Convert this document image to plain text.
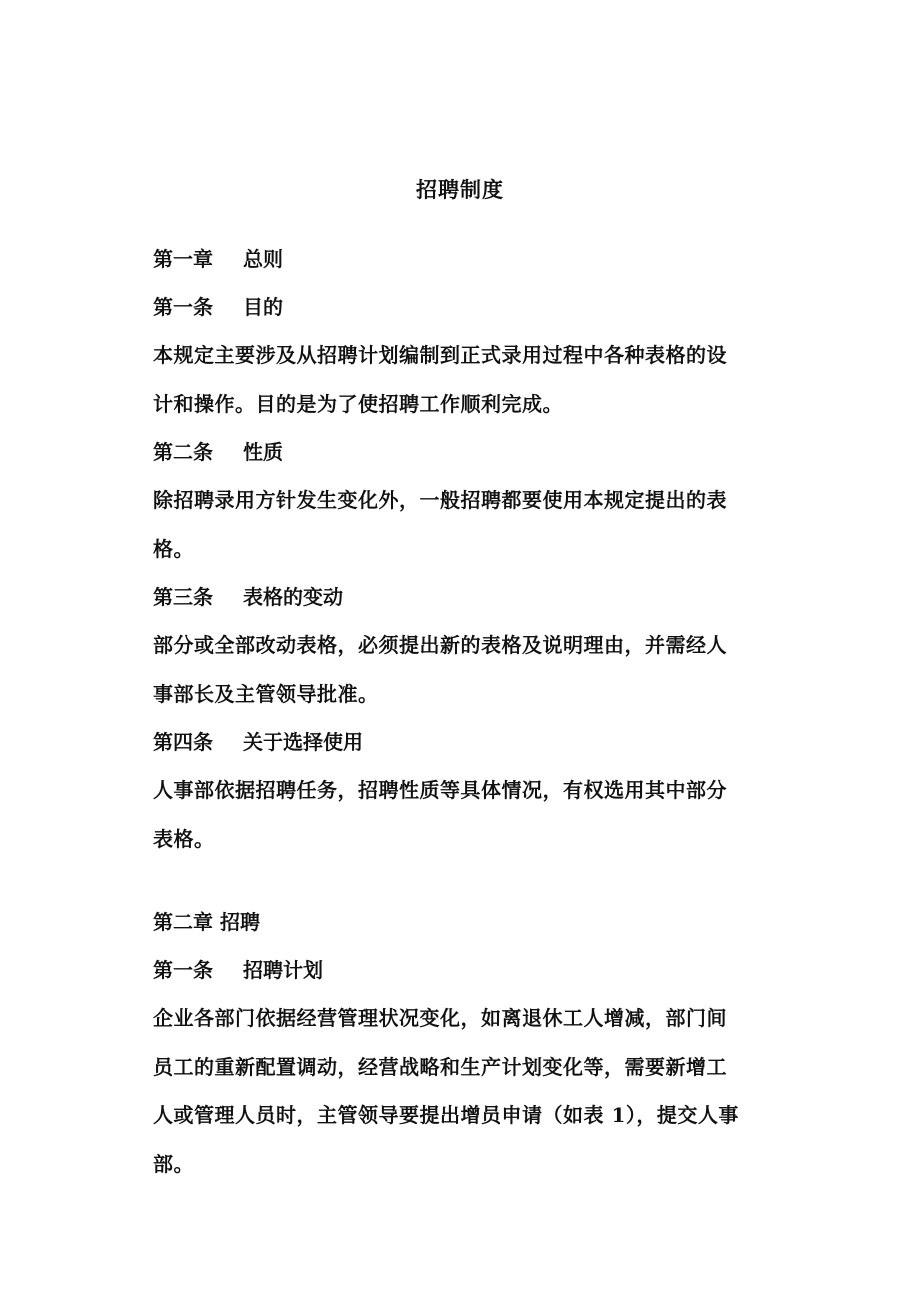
招聘制度
第一章 总则
第一条 目的
本规定主要涉及从招聘计划编制到正式录用过程中各种表格的设
计和操作。目的是为了使招聘工作顺利完成。
第二条 性质
除招聘录用方针发生变化外，一般招聘都要使用本规定提出的表
格。
第三条 表格的变动
部分或全部改动表格，必须提出新的表格及说明理由，并需经人
事部长及主管领导批准。
第四条 关于选择使用
人事部依据招聘任务，招聘性质等具体情况，有权选用其中部分
表格。
第二章 招聘
第一条 招聘计划
企业各部门依据经营管理状况变化，如离退休工人增减，部门间
员工的重新配置调动，经营战略和生产计划变化等，需要新增工
人或管理人员时，主管领导要提出增员申请（如表 1），提交人事
部。
